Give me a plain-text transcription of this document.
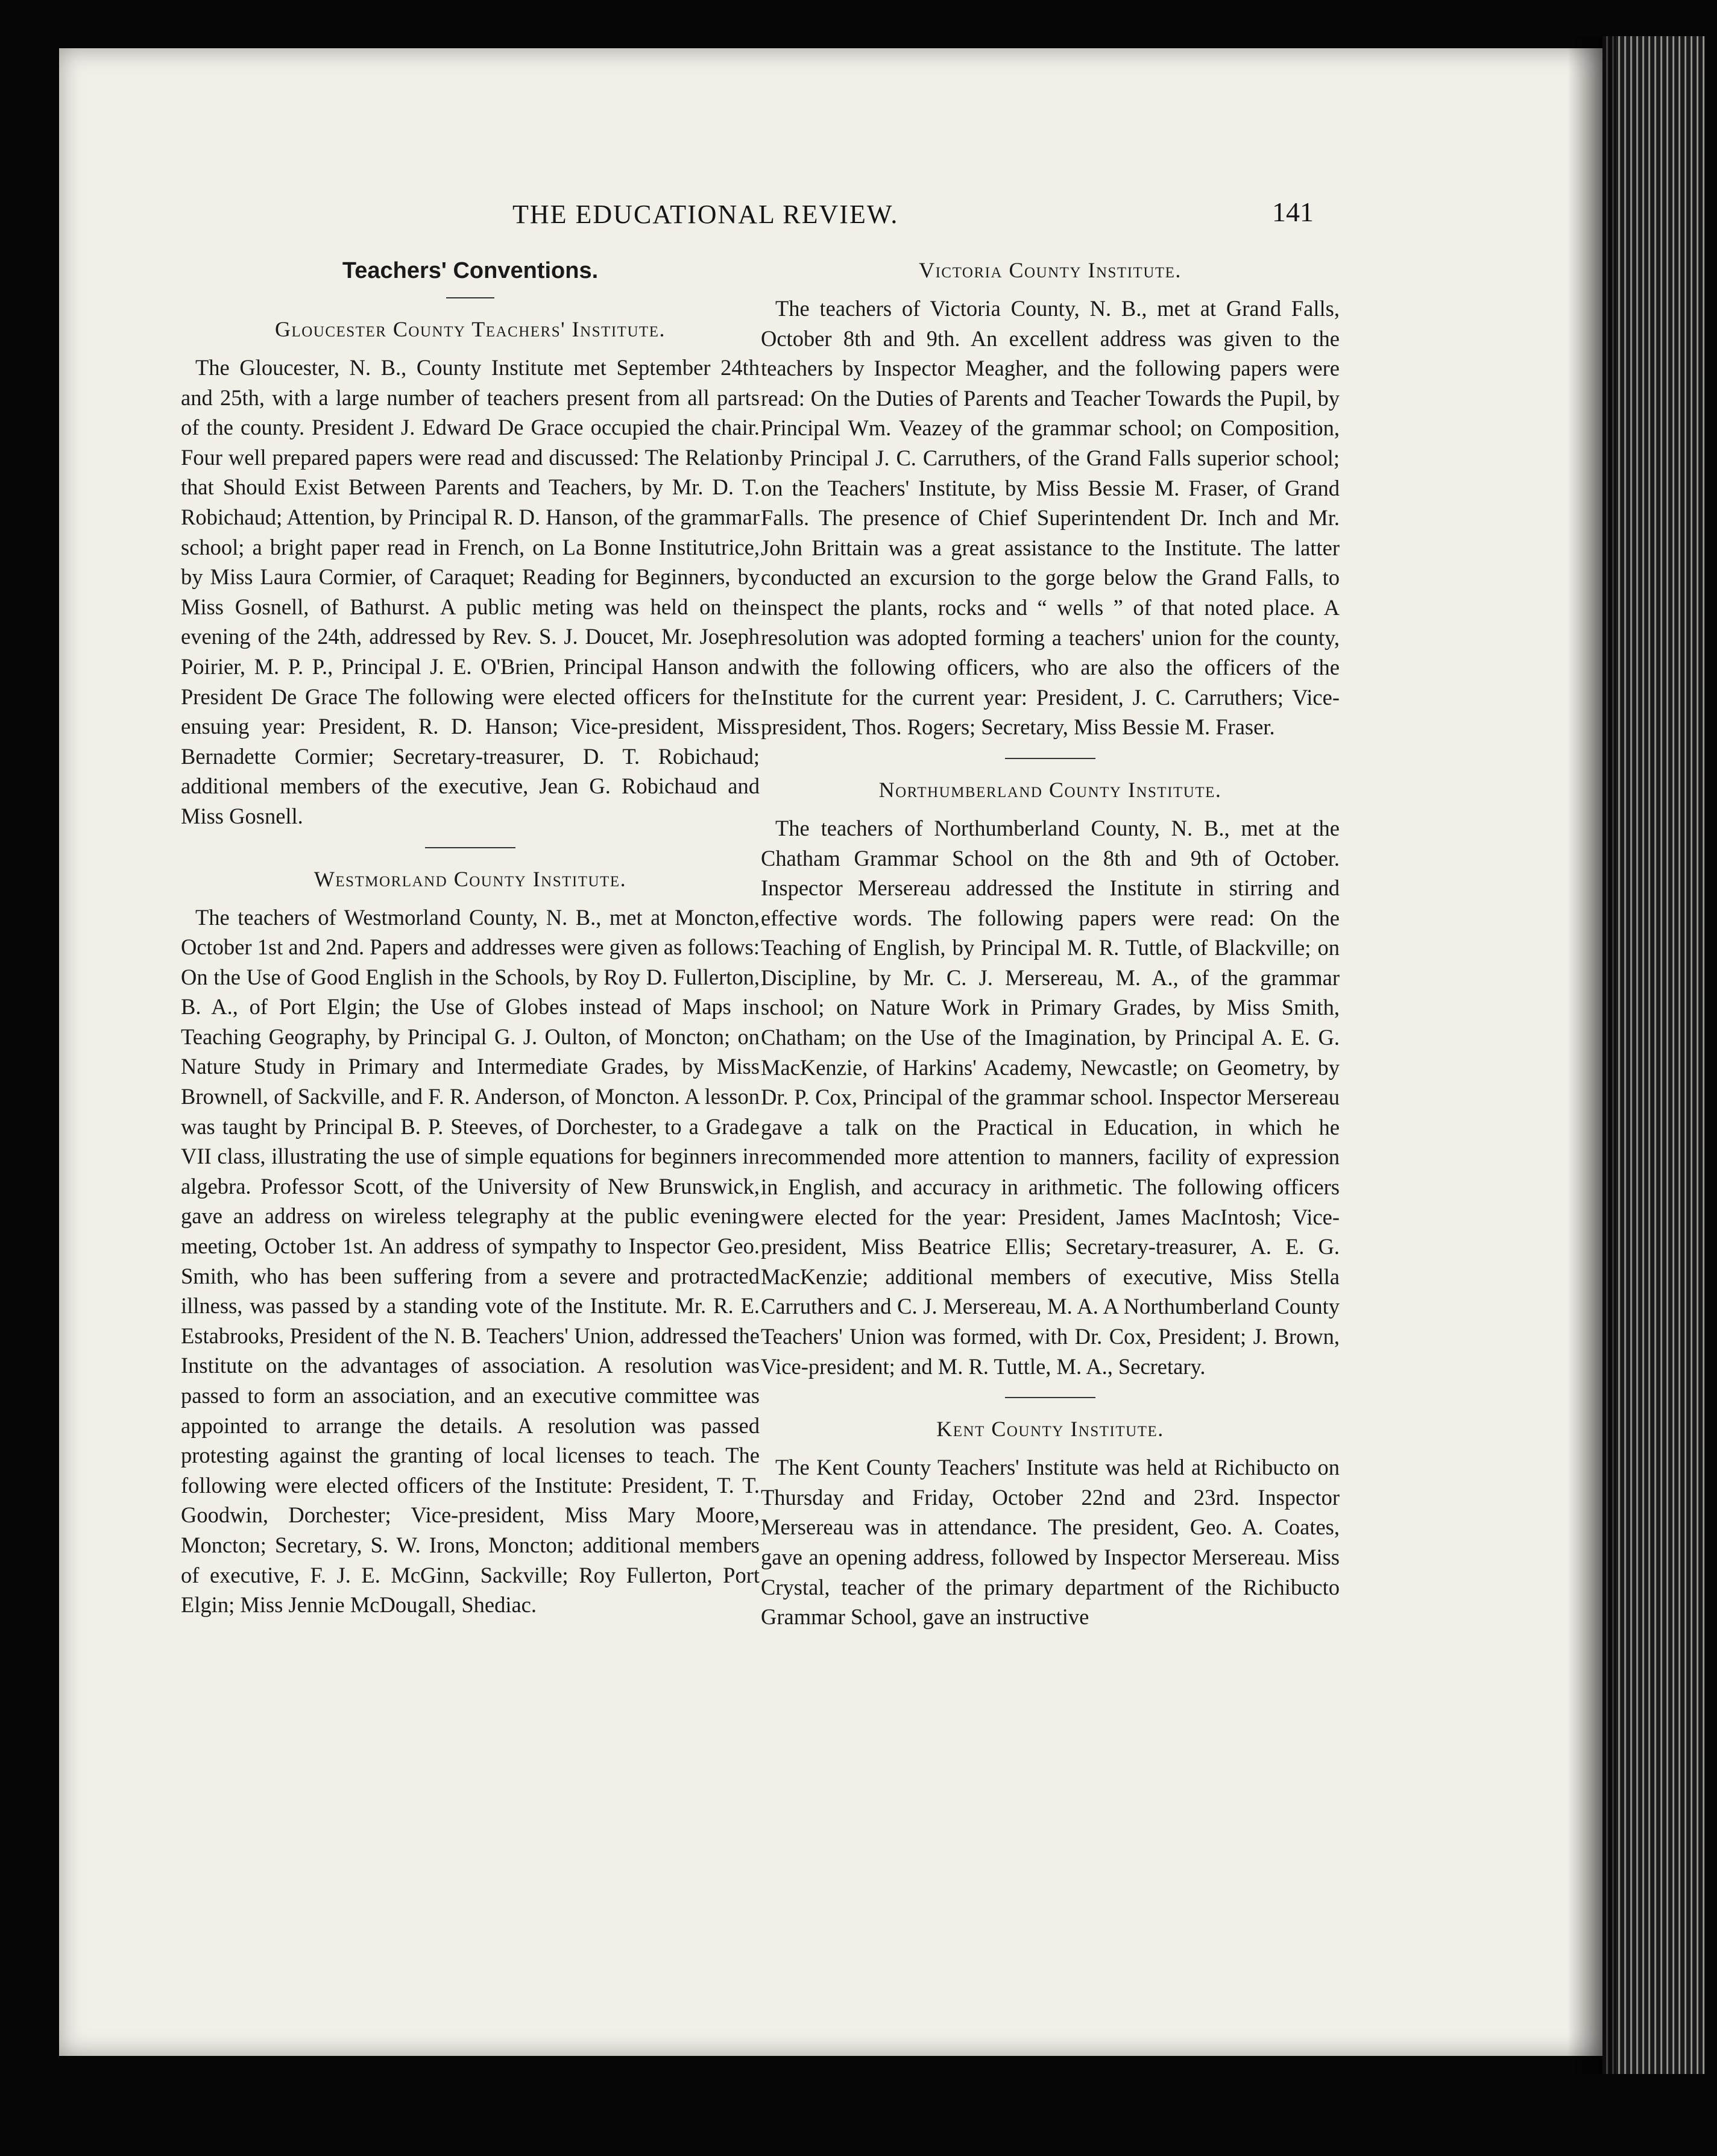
THE EDUCATIONAL REVIEW.	141
Teachers' Conventions.
Gloucester County Teachers' Institute.

The Gloucester, N. B., County Institute met September 24th and 25th, with a large number of teachers present from all parts of the county. President J. Edward De Grace occupied the chair. Four well prepared papers were read and discussed: The Relation that Should Exist Between Parents and Teachers, by Mr. D. T. Robichaud; Attention, by Principal R. D. Hanson, of the grammar school; a bright paper read in French, on La Bonne Institutrice, by Miss Laura Cormier, of Caraquet; Reading for Beginners, by Miss Gosnell, of Bathurst. A public meting was held on the evening of the 24th, addressed by Rev. S. J. Doucet, Mr. Joseph Poirier, M. P. P., Principal J. E. O'Brien, Principal Hanson and President De Grace The following were elected officers for the ensuing year: President, R. D. Hanson; Vice-president, Miss Bernadette Cormier; Secretary-treasurer, D. T. Robichaud; additional members of the executive, Jean G. Robichaud and Miss Gosnell.

Westmorland County Institute.

The teachers of Westmorland County, N. B., met at Moncton, October 1st and 2nd. Papers and addresses were given as follows: On the Use of Good English in the Schools, by Roy D. Fullerton, B. A., of Port Elgin; the Use of Globes instead of Maps in Teaching Geography, by Principal G. J. Oulton, of Moncton; on Nature Study in Primary and Intermediate Grades, by Miss Brownell, of Sackville, and F. R. Anderson, of Moncton. A lesson was taught by Principal B. P. Steeves, of Dorchester, to a Grade VII class, illustrating the use of simple equations for beginners in algebra. Professor Scott, of the University of New Brunswick, gave an address on wireless telegraphy at the public evening meeting, October 1st. An address of sympathy to Inspector Geo. Smith, who has been suffering from a severe and protracted illness, was passed by a standing vote of the Institute. Mr. R. E. Estabrooks, President of the N. B. Teachers' Union, addressed the Institute on the advantages of association. A resolution was passed to form an association, and an executive committee was appointed to arrange the details. A resolution was passed protesting against the granting of local licenses to teach. The following were elected officers of the Institute: President, T. T. Goodwin, Dorchester; Vice-president, Miss Mary Moore, Moncton; Secretary, S. W. Irons, Moncton; additional members of executive, F. J. E. McGinn, Sackville; Roy Fullerton, Port Elgin; Miss Jennie McDougall, Shediac.

Victoria County Institute.

The teachers of Victoria County, N. B., met at Grand Falls, October 8th and 9th. An excellent address was given to the teachers by Inspector Meagher, and the following papers were read: On the Duties of Parents and Teacher Towards the Pupil, by Principal Wm. Veazey of the grammar school; on Composition, by Principal J. C. Carruthers, of the Grand Falls superior school; on the Teachers' Institute, by Miss Bessie M. Fraser, of Grand Falls. The presence of Chief Superintendent Dr. Inch and Mr. John Brittain was a great assistance to the Institute. The latter conducted an excursion to the gorge below the Grand Falls, to inspect the plants, rocks and “ wells ” of that noted place. A resolution was adopted forming a teachers' union for the county, with the following officers, who are also the officers of the Institute for the current year: President, J. C. Carruthers; Vice-president, Thos. Rogers; Secretary, Miss Bessie M. Fraser.

Northumberland County Institute.

The teachers of Northumberland County, N. B., met at the Chatham Grammar School on the 8th and 9th of October. Inspector Mersereau addressed the Institute in stirring and effective words. The following papers were read: On the Teaching of English, by Principal M. R. Tuttle, of Blackville; on Discipline, by Mr. C. J. Mersereau, M. A., of the grammar school; on Nature Work in Primary Grades, by Miss Smith, Chatham; on the Use of the Imagination, by Principal A. E. G. MacKenzie, of Harkins' Academy, Newcastle; on Geometry, by Dr. P. Cox, Principal of the grammar school. Inspector Mersereau gave a talk on the Practical in Education, in which he recommended more attention to manners, facility of expression in English, and accuracy in arithmetic. The following officers were elected for the year: President, James MacIntosh; Vice-president, Miss Beatrice Ellis; Secretary-treasurer, A. E. G. MacKenzie; additional members of executive, Miss Stella Carruthers and C. J. Mersereau, M. A. A Northumberland County Teachers' Union was formed, with Dr. Cox, President; J. Brown, Vice-president; and M. R. Tuttle, M. A., Secretary.

Kent County Institute.

The Kent County Teachers' Institute was held at Richibucto on Thursday and Friday, October 22nd and 23rd. Inspector Mersereau was in attendance. The president, Geo. A. Coates, gave an opening address, followed by Inspector Mersereau. Miss Crystal, teacher of the primary department of the Richibucto Grammar School, gave an instructive
